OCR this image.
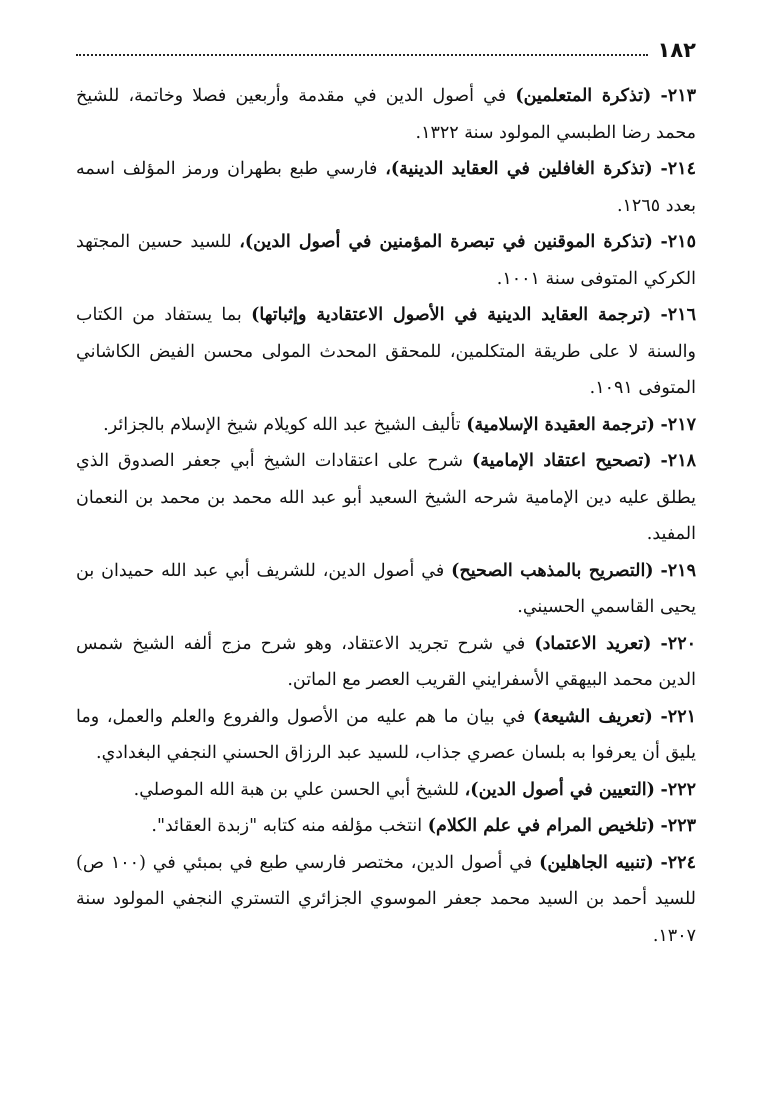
١٨٢

٢١٣- (تذكرة المتعلمين) في أصول الدين في مقدمة وأربعين فصلا وخاتمة، للشيخ محمد رضا الطبسي المولود سنة ١٣٢٢.

٢١٤- (تذكرة الغافلين في العقايد الدينية)، فارسي طبع بطهران ورمز المؤلف اسمه بعدد ١٢٦٥.

٢١٥- (تذكرة الموقنين في تبصرة المؤمنين في أصول الدين)، للسيد حسين المجتهد الكركي المتوفى سنة ١٠٠١.

٢١٦- (ترجمة العقايد الدينية في الأصول الاعتقادية وإثباتها) بما يستفاد من الكتاب والسنة لا على طريقة المتكلمين، للمحقق المحدث المولى محسن الفيض الكاشاني المتوفى ١٠٩١.

٢١٧- (ترجمة العقيدة الإسلامية) تأليف الشيخ عبد الله كويلام شيخ الإسلام بالجزائر.

٢١٨- (تصحيح اعتقاد الإمامية) شرح على اعتقادات الشيخ أبي جعفر الصدوق الذي يطلق عليه دين الإمامية شرحه الشيخ السعيد أبو عبد الله محمد بن محمد بن النعمان المفيد.

٢١٩- (التصريح بالمذهب الصحيح) في أصول الدين، للشريف أبي عبد الله حميدان بن يحيى القاسمي الحسيني.

٢٢٠- (تعريد الاعتماد) في شرح تجريد الاعتقاد، وهو شرح مزج ألفه الشيخ شمس الدين محمد البيهقي الأسفرايني القريب العصر مع الماتن.

٢٢١- (تعريف الشيعة) في بيان ما هم عليه من الأصول والفروع والعلم والعمل، وما يليق أن يعرفوا به بلسان عصري جذاب، للسيد عبد الرزاق الحسني النجفي البغدادي.

٢٢٢- (التعيين في أصول الدين)، للشيخ أبي الحسن علي بن هبة الله الموصلي.

٢٢٣- (تلخيص المرام في علم الكلام) انتخب مؤلفه منه كتابه "زبدة العقائد".

٢٢٤- (تنبيه الجاهلين) في أصول الدين، مختصر فارسي طبع في بمبئي في (١٠٠ ص) للسيد أحمد بن السيد محمد جعفر الموسوي الجزائري التستري النجفي المولود سنة ١٣٠٧.
